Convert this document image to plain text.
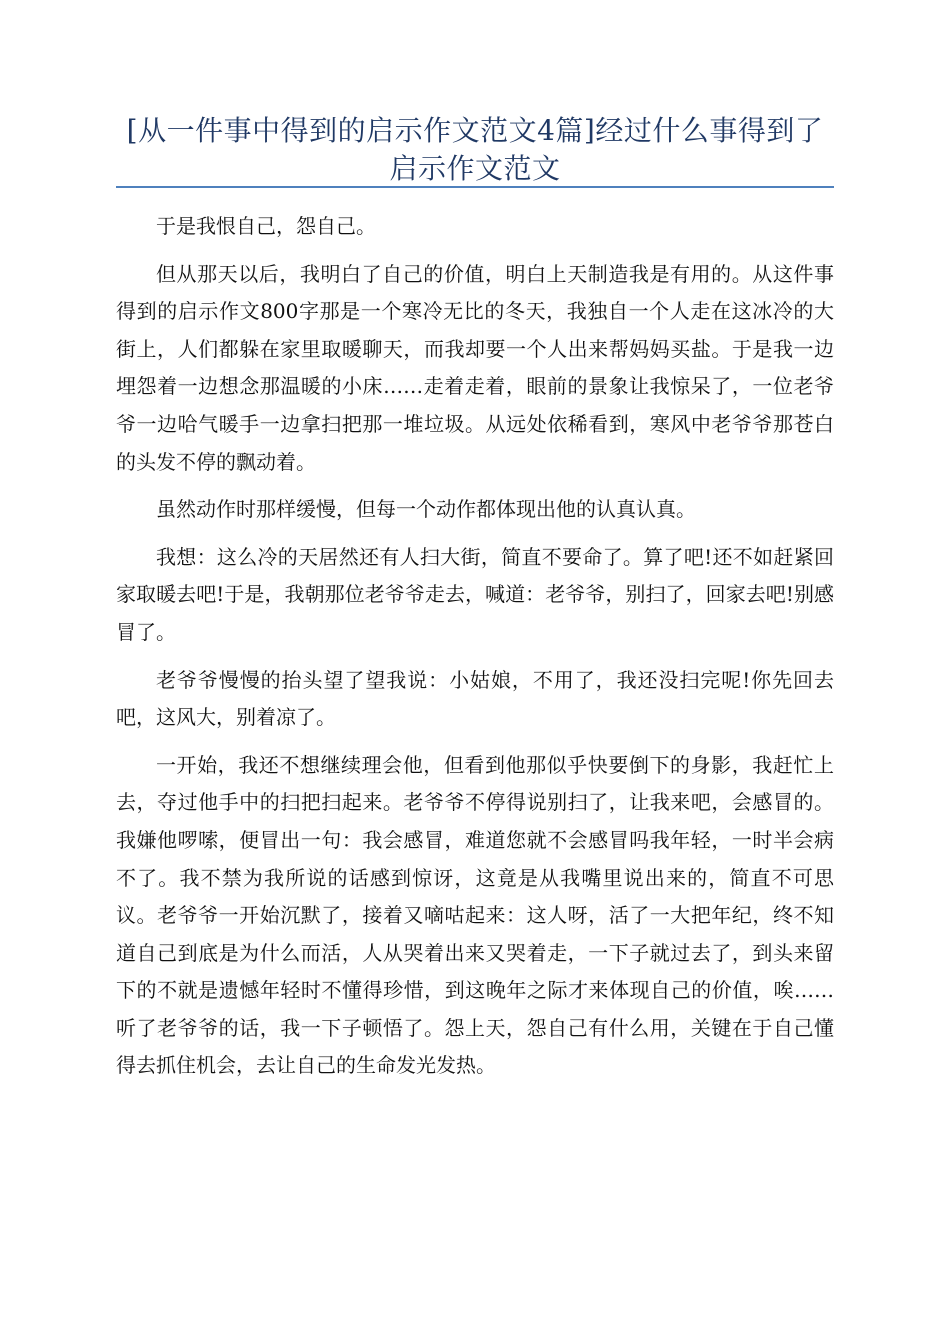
[从一件事中得到的启示作文范文4篇]经过什么事得到了启示作文范文

于是我恨自己，怨自己。

但从那天以后，我明白了自己的价值，明白上天制造我是有用的。从这件事得到的启示作文800字那是一个寒冷无比的冬天，我独自一个人走在这冰冷的大街上，人们都躲在家里取暖聊天，而我却要一个人出来帮妈妈买盐。于是我一边埋怨着一边想念那温暖的小床……走着走着，眼前的景象让我惊呆了，一位老爷爷一边哈气暖手一边拿扫把那一堆垃圾。从远处依稀看到，寒风中老爷爷那苍白的头发不停的飘动着。

虽然动作时那样缓慢，但每一个动作都体现出他的认真认真。

我想：这么冷的天居然还有人扫大街，简直不要命了。算了吧!还不如赶紧回家取暖去吧!于是，我朝那位老爷爷走去，喊道：老爷爷，别扫了，回家去吧!别感冒了。

老爷爷慢慢的抬头望了望我说：小姑娘，不用了，我还没扫完呢!你先回去吧，这风大，别着凉了。

一开始，我还不想继续理会他，但看到他那似乎快要倒下的身影，我赶忙上去，夺过他手中的扫把扫起来。老爷爷不停得说别扫了，让我来吧，会感冒的。我嫌他啰嗦，便冒出一句：我会感冒，难道您就不会感冒吗我年轻，一时半会病不了。我不禁为我所说的话感到惊讶，这竟是从我嘴里说出来的，简直不可思议。老爷爷一开始沉默了，接着又嘀咕起来：这人呀，活了一大把年纪，终不知道自己到底是为什么而活，人从哭着出来又哭着走，一下子就过去了，到头来留下的不就是遗憾年轻时不懂得珍惜，到这晚年之际才来体现自己的价值，唉……听了老爷爷的话，我一下子顿悟了。怨上天，怨自己有什么用，关键在于自己懂得去抓住机会，去让自己的生命发光发热。
